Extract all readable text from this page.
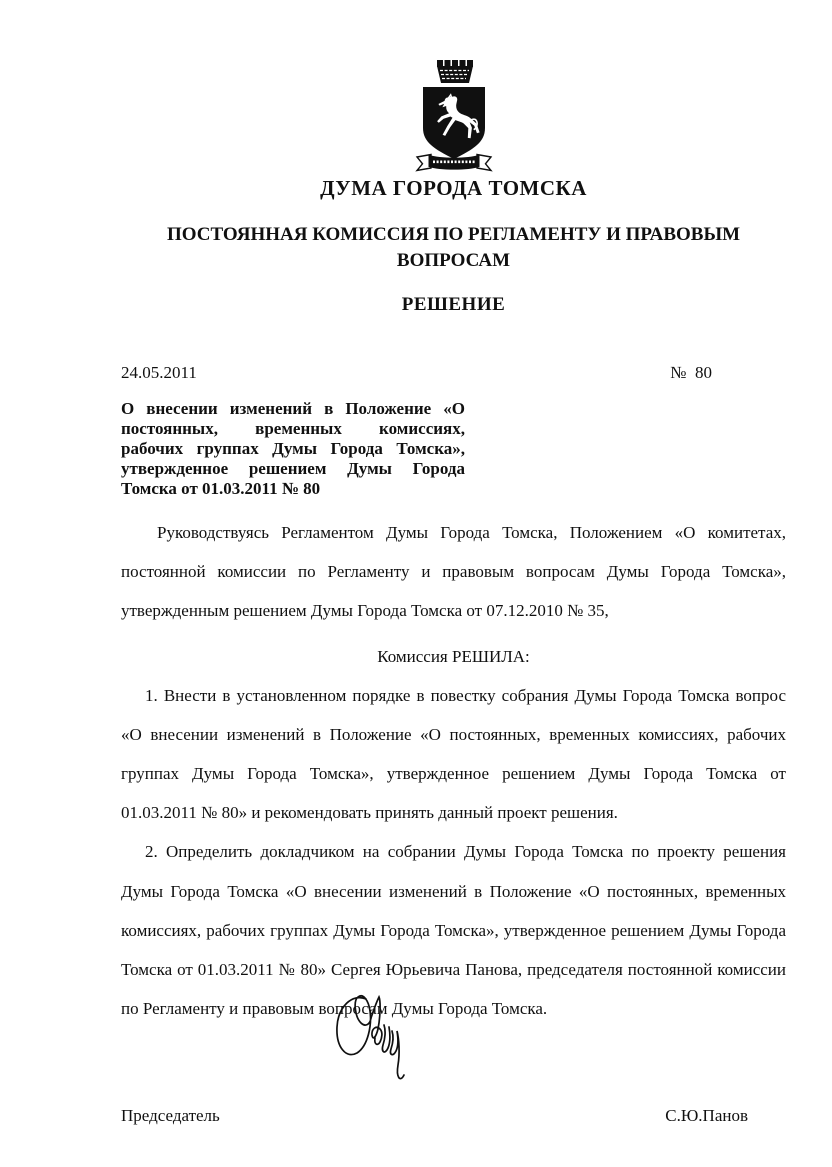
ДУМА ГОРОДА ТОМСКА
ПОСТОЯННАЯ КОМИССИЯ ПО РЕГЛАМЕНТУ И ПРАВОВЫМ ВОПРОСАМ
РЕШЕНИЕ
24.05.2011	№  80
О внесении изменений в Положение «О постоянных, временных комиссиях, рабочих группах Думы Города Томска», утвержденное решением Думы Города Томска от 01.03.2011 № 80

Руководствуясь Регламентом Думы Города Томска, Положением «О комитетах, постоянной комиссии по Регламенту и правовым вопросам Думы Города Томска», утвержденным решением Думы Города Томска от 07.12.2010 № 35,

Комиссия РЕШИЛА:

1. Внести в установленном порядке в повестку собрания Думы Города Томска вопрос «О внесении изменений в Положение «О постоянных, временных комиссиях, рабочих группах Думы Города Томска», утвержденное решением Думы Города Томска от 01.03.2011 № 80» и рекомендовать принять данный проект решения.

2. Определить докладчиком на собрании Думы Города Томска по проекту решения Думы Города Томска «О внесении изменений в Положение «О постоянных, временных комиссиях, рабочих группах Думы Города Томска», утвержденное решением Думы Города Томска от 01.03.2011 № 80» Сергея Юрьевича Панова, председателя постоянной комиссии по Регламенту и правовым вопросам Думы Города Томска.

Председатель	С.Ю.Панов
